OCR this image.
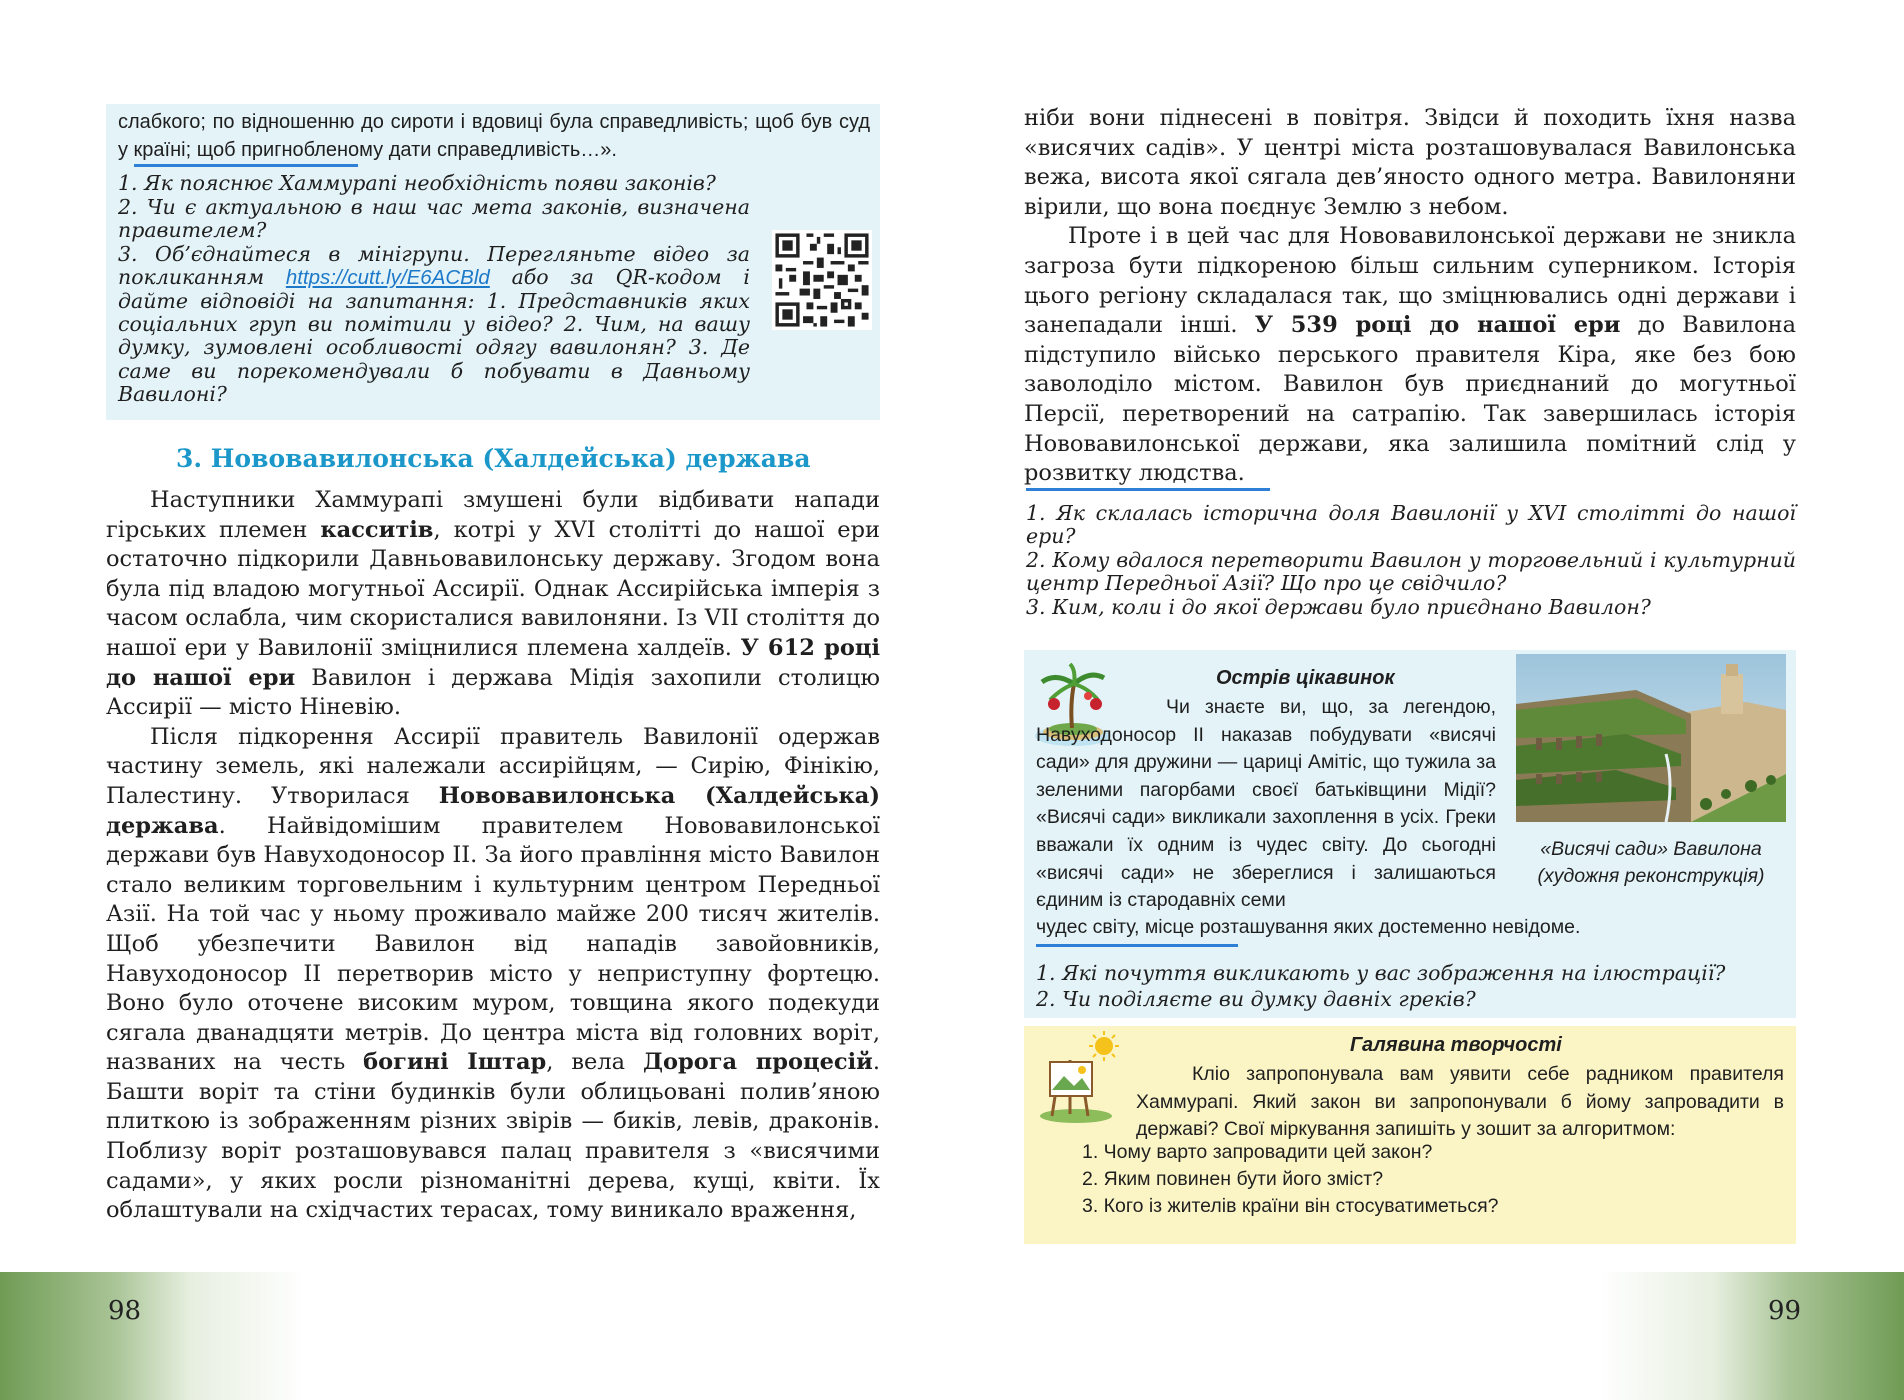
слабкого; по відношенню до сироти і вдовиці була справедливість; щоб був суд у країні; щоб пригнобленому дати справедливість…».

1. Як пояснює Хаммурапі необхідність появи законів?

2. Чи є актуальною в наш час мета законів, визначена правителем?

3. Об’єднайтеся в мінігрупи. Перегляньте відео за покликанням https://cutt.ly/E6ACBld або за QR-кодом і дайте відповіді на запитання: 1. Представників яких соціальних груп ви помітили у відео? 2. Чим, на вашу думку, зумовлені особливості одягу вавилонян? 3. Де саме ви порекомендували б побувати в Давньому Вавилоні?

3. Нововавилонська (Халдейська) держава

Наступники Хаммурапі змушені були відбивати напади гірських племен касситів, котрі у XVI столітті до нашої ери остаточно підкорили Давньовавилонську державу. Згодом вона була під владою могутньої Ассирії. Однак Ассирійська імперія з часом ослабла, чим скористалися вавилоняни. Із VII століття до нашої ери у Вавилонії зміцнилися племена халдеїв. У 612 році до нашої ери Вавилон і держава Мідія захопили столицю Ассирії — місто Ніневію.

Після підкорення Ассирії правитель Вавилонії одержав частину земель, які належали ассирійцям, — Сирію, Фінікію, Палестину. Утворилася Нововавилонська (Халдейська) держава. Найвідомішим правителем Нововавилонської держави був Навуходоносор ІІ. За його правління місто Вавилон стало великим торговельним і культурним центром Передньої Азії. На той час у ньому проживало майже 200 тисяч жителів. Щоб убезпечити Вавилон від нападів завойовників, Навуходоносор ІІ перетворив місто у неприступну фортецю. Воно було оточене високим муром, товщина якого подекуди сягала дванадцяти метрів. До центра міста від головних воріт, названих на честь богині Іштар, вела Дорога процесій. Башти воріт та стіни будинків були облицьовані полив’яною плиткою із зображенням різних звірів — биків, левів, драконів. Поблизу воріт розташовувався палац правителя з «висячими садами», у яких росли різноманітні дерева, кущі, квіти. Їх облаштували на східчастих терасах, тому виникало враження,

98

ніби вони піднесені в повітря. Звідси й походить їхня назва «висячих садів». У центрі міста розташовувалася Вавилонська вежа, висота якої сягала дев’яносто одного метра. Вавилоняни вірили, що вона поєднує Землю з небом.

Проте і в цей час для Нововавилонської держави не зникла загроза бути підкореною більш сильним суперником. Історія цього регіону складалася так, що зміцнювались одні держави і занепадали інші. У 539 році до нашої ери до Вавилона підступило військо перського правителя Кіра, яке без бою заволоділо містом. Вавилон був приєднаний до могутньої Персії, перетворений на сатрапію. Так завершилась історія Нововавилонської держави, яка залишила помітний слід у розвитку людства.

1. Як склалась історична доля Вавилонії у XVI столітті до нашої ери?

2. Кому вдалося перетворити Вавилон у торговельний і культурний центр Передньої Азії? Що про це свідчило?

3. Ким, коли і до якої держави було приєднано Вавилон?

Острів цікавинок
Чи знаєте ви, що, за легендою, Навуходоносор ІІ наказав побудувати «висячі сади» для дружини — цариці Амітіс, що тужила за зеленими пагорбами своєї батьківщини Мідії? «Висячі сади» викликали захоплення в усіх. Греки вважали їх одним із чудес світу. До сьогодні «висячі сади» не збереглися і залишаються єдиним із стародавніх семи
чудес світу, місце розташування яких достеменно невідоме.
«Висячі сади» Вавилона (художня реконструкція)

1. Які почуття викликають у вас зображення на ілюстрації?

2. Чи поділяєте ви думку давніх греків?

Галявина творчості
Кліо запропонувала вам уявити себе радником правителя Хаммурапі. Який закон ви запропонували б йому запровадити в державі? Свої міркування запишіть у зошит за алгоритмом:
1. Чому варто запровадити цей закон?
2. Яким повинен бути його зміст?
3. Кого із жителів країни він стосуватиметься?
99
